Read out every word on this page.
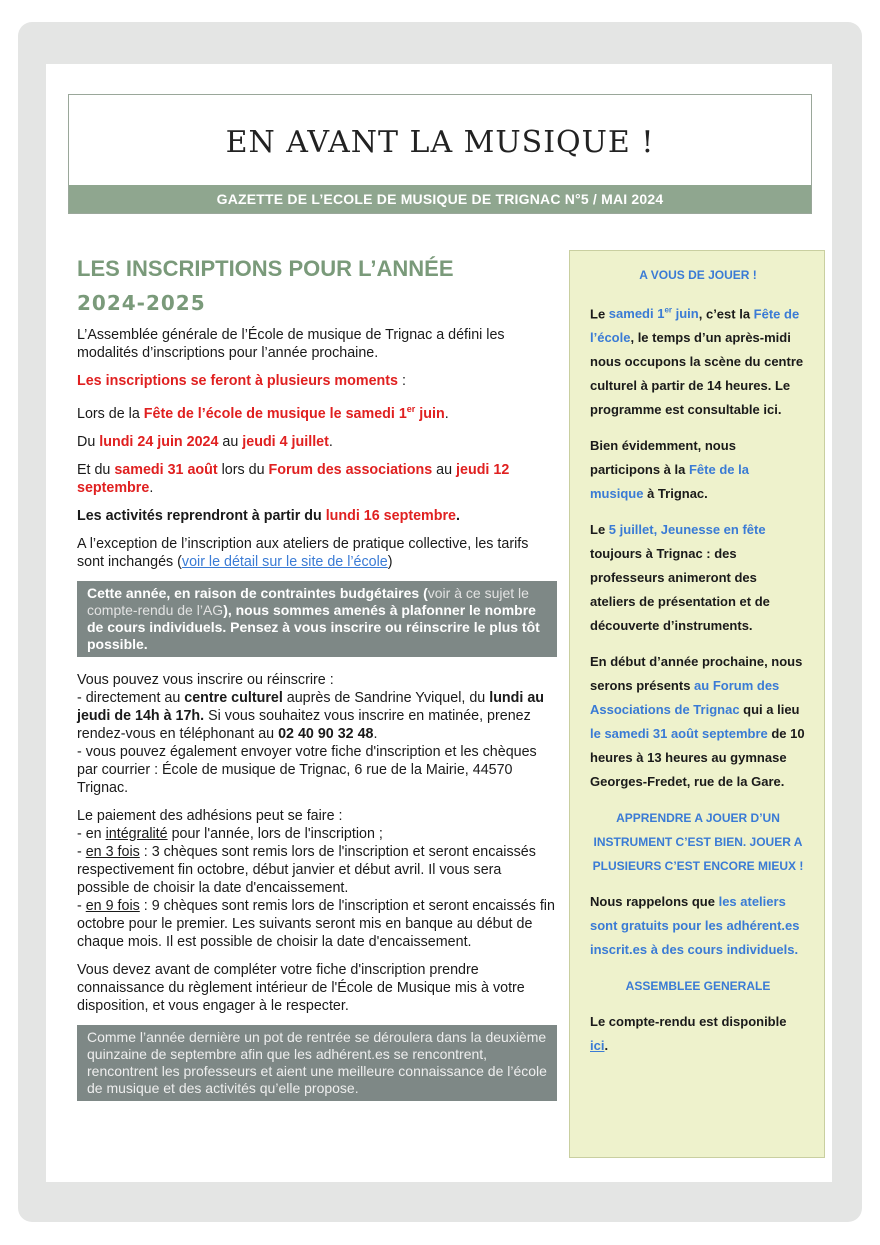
EN AVANT LA MUSIQUE !
GAZETTE DE L’ECOLE DE MUSIQUE DE TRIGNAC N°5 / MAI 2024
LES INSCRIPTIONS POUR L’ANNÉE
2024-2025

L’Assemblée générale de l’École de musique de Trignac a défini les modalités d’inscriptions pour l’année prochaine.

Les inscriptions se feront à plusieurs moments :

Lors de la Fête de l’école de musique le samedi 1er juin.

Du lundi 24 juin 2024 au jeudi 4 juillet.

Et du samedi 31 août lors du Forum des associations au jeudi 12 septembre.

Les activités reprendront à partir du lundi 16 septembre.

A l’exception de l’inscription aux ateliers de pratique collective, les tarifs sont inchangés (voir le détail sur le site de l’école)

Cette année, en raison de contraintes budgétaires (voir à ce sujet le compte-rendu de l’AG), nous sommes amenés à plafonner le nombre de cours individuels. Pensez à vous inscrire ou réinscrire le plus tôt possible.

Vous pouvez vous inscrire ou réinscrire :
- directement au centre culturel auprès de Sandrine Yviquel, du lundi au jeudi de 14h à 17h. Si vous souhaitez vous inscrire en matinée, prenez rendez-vous en téléphonant au 02 40 90 32 48.
- vous pouvez également envoyer votre fiche d'inscription et les chèques par courrier : École de musique de Trignac, 6 rue de la Mairie, 44570 Trignac.

Le paiement des adhésions peut se faire :
- en intégralité pour l'année, lors de l'inscription ;
- en 3 fois : 3 chèques sont remis lors de l'inscription et seront encaissés respectivement fin octobre, début janvier et début avril. Il vous sera possible de choisir la date d'encaissement.
- en 9 fois : 9 chèques sont remis lors de l'inscription et seront encaissés fin octobre pour le premier. Les suivants seront mis en banque au début de chaque mois. Il est possible de choisir la date d'encaissement.

Vous devez avant de compléter votre fiche d'inscription prendre connaissance du règlement intérieur de l'École de Musique mis à votre disposition, et vous engager à le respecter.

Comme l’année dernière un pot de rentrée se déroulera dans la deuxième quinzaine de septembre afin que les adhérent.es se rencontrent, rencontrent les professeurs et aient une meilleure connaissance de l’école de musique et des activités qu’elle propose.

A VOUS DE JOUER !

Le samedi 1er juin, c’est la Fête de l’école, le temps d’un après-midi nous occupons la scène du centre culturel à partir de 14 heures. Le programme est consultable ici.

Bien évidemment, nous participons à la Fête de la musique à Trignac.

Le 5 juillet, Jeunesse en fête toujours à Trignac : des professeurs animeront des ateliers de présentation et de découverte d’instruments.

En début d’année prochaine, nous serons présents au Forum des Associations de Trignac qui a lieu le samedi 31 août septembre de 10 heures à 13 heures au gymnase Georges-Fredet, rue de la Gare.

APPRENDRE A JOUER D’UN INSTRUMENT C’EST BIEN. JOUER A PLUSIEURS C’EST ENCORE MIEUX !

Nous rappelons que les ateliers sont gratuits pour les adhérent.es inscrit.es à des cours individuels.

ASSEMBLEE GENERALE

Le compte-rendu est disponible ici.
